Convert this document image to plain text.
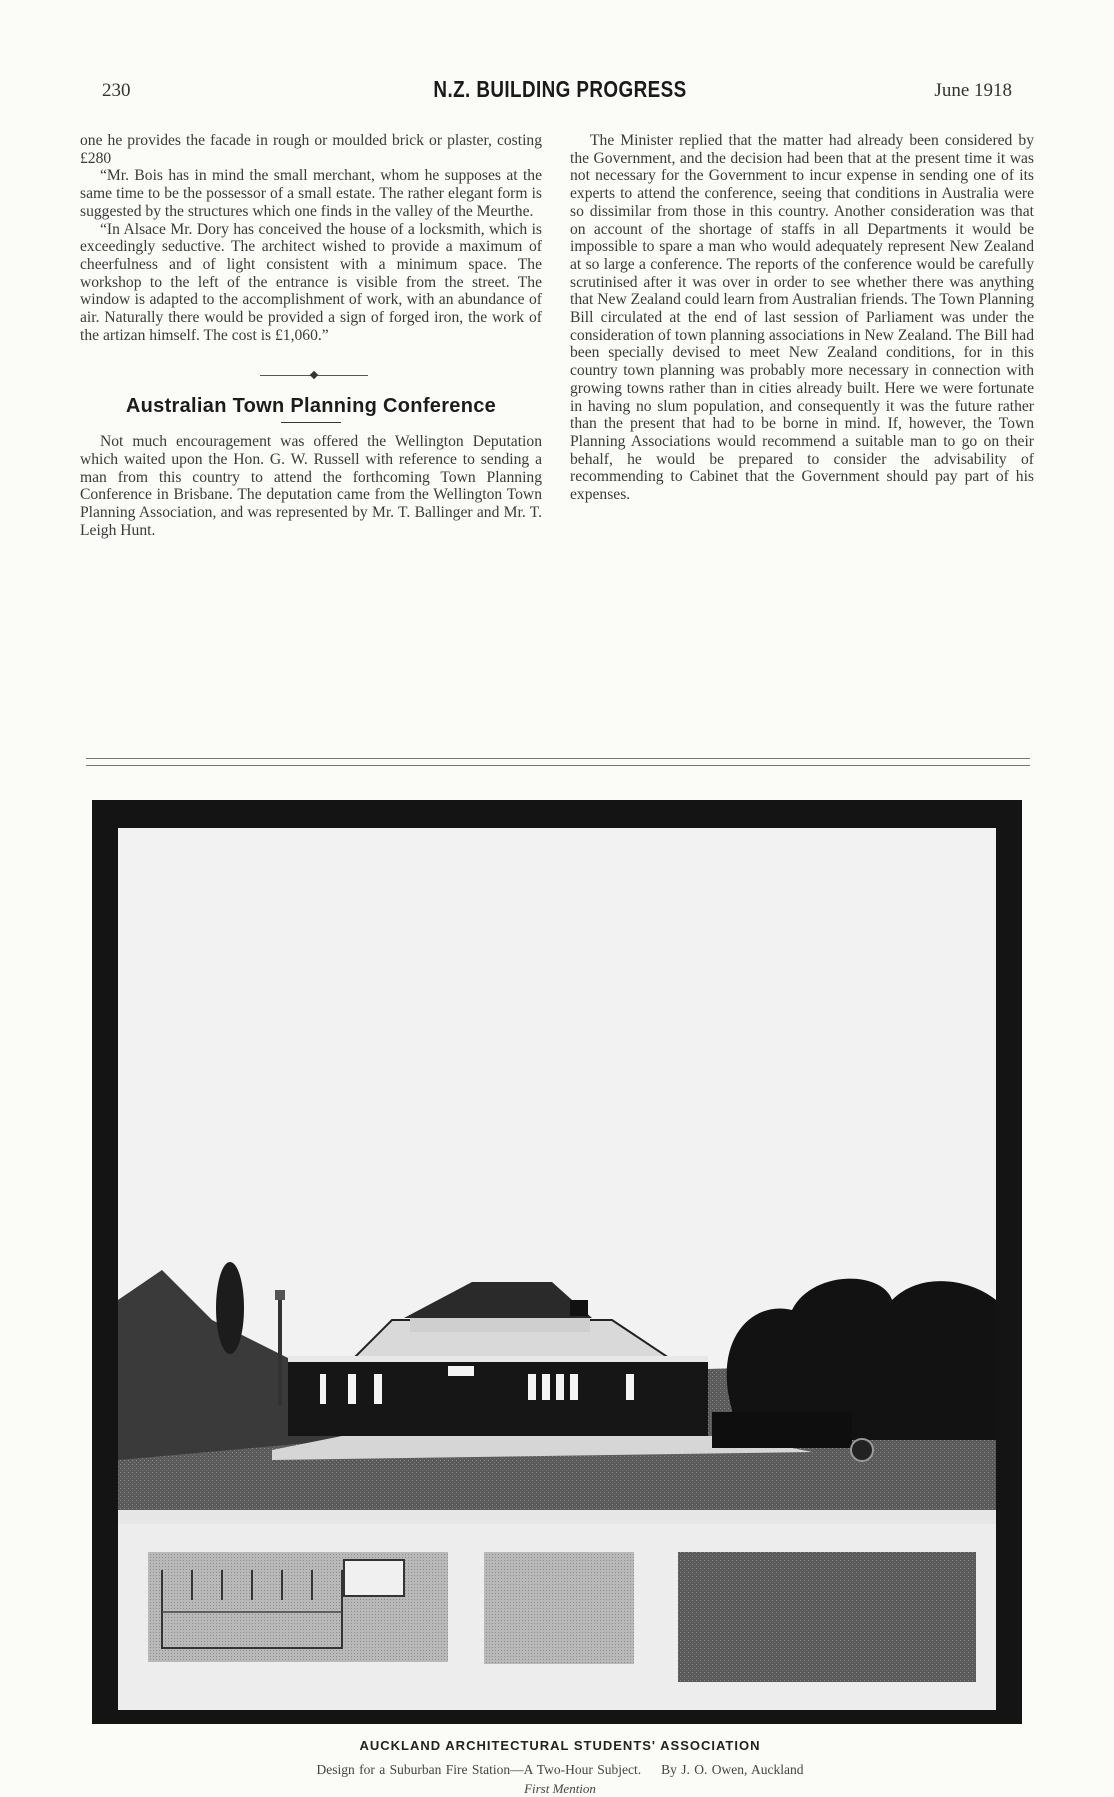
230	N.Z. BUILDING PROGRESS	June 1918

one he provides the facade in rough or moulded brick or plaster, costing £280

“Mr. Bois has in mind the small merchant, whom he supposes at the same time to be the possessor of a small estate. The rather elegant form is suggested by the structures which one finds in the valley of the Meurthe.

“In Alsace Mr. Dory has conceived the house of a locksmith, which is exceedingly seductive. The architect wished to provide a maximum of cheerfulness and of light consistent with a minimum space. The workshop to the left of the entrance is visible from the street. The window is adapted to the accomplishment of work, with an abundance of air. Naturally there would be provided a sign of forged iron, the work of the artizan himself. The cost is £1,060.”

Australian Town Planning Conference

Not much encouragement was offered the Wellington Deputation which waited upon the Hon. G. W. Russell with reference to sending a man from this country to attend the forthcoming Town Planning Conference in Brisbane. The deputation came from the Wellington Town Planning Association, and was represented by Mr. T. Ballinger and Mr. T. Leigh Hunt.

The Minister replied that the matter had already been considered by the Government, and the decision had been that at the present time it was not necessary for the Government to incur expense in sending one of its experts to attend the conference, seeing that conditions in Australia were so dissimilar from those in this country. Another consideration was that on account of the shortage of staffs in all Departments it would be impossible to spare a man who would adequately represent New Zealand at so large a conference. The reports of the conference would be carefully scrutinised after it was over in order to see whether there was anything that New Zealand could learn from Australian friends. The Town Planning Bill circulated at the end of last session of Parliament was under the consideration of town planning associations in New Zealand. The Bill had been specially devised to meet New Zealand conditions, for in this country town planning was probably more necessary in connection with growing towns rather than in cities already built. Here we were fortunate in having no slum population, and consequently it was the future rather than the present that had to be borne in mind. If, however, the Town Planning Associations would recommend a suitable man to go on their behalf, he would be prepared to consider the advisability of recommending to Cabinet that the Government should pay part of his expenses.

AUCKLAND ARCHITECTURAL STUDENTS' ASSOCIATION
Design for a Suburban Fire Station—A Two-Hour Subject. By J. O. Owen, Auckland
First Mention
